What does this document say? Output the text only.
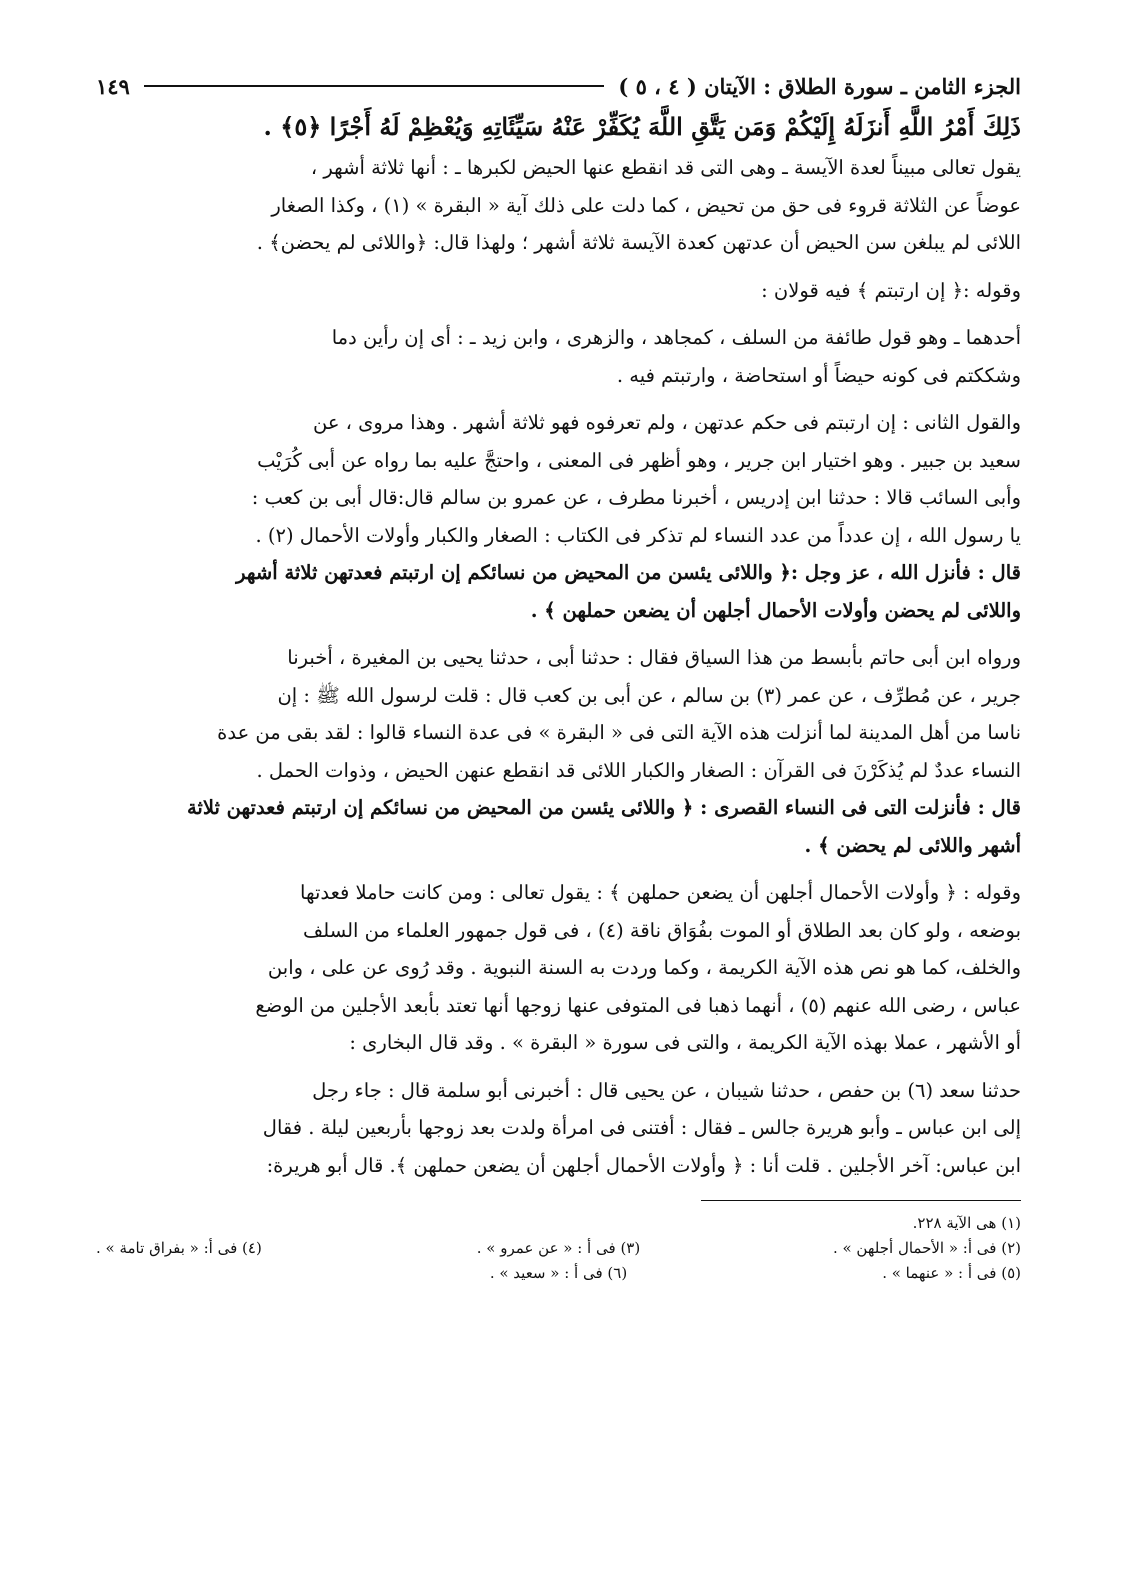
الجزء الثامن ـ سورة الطلاق : الآيتان ( ٤ ، ٥ )
١٤٩
ذَلِكَ أَمْرُ اللَّهِ أَنزَلَهُ إِلَيْكُمْ وَمَن يَتَّقِ اللَّهَ يُكَفِّرْ عَنْهُ سَيِّئَاتِهِ وَيُعْظِمْ لَهُ أَجْرًا ﴿٥﴾ .

يقول تعالى مبيناً لعدة الآيسة ـ وهى التى قد انقطع عنها الحيض لكبرها ـ : أنها ثلاثة أشهر ،

عوضاً عن الثلاثة قروء فى حق من تحيض ، كما دلت على ذلك آية « البقرة » (١) ، وكذا الصغار

اللائى لم يبلغن سن الحيض أن عدتهن كعدة الآيسة ثلاثة أشهر ؛ ولهذا قال: ﴿واللائى لم يحضن﴾ .

وقوله :﴿ إن ارتبتم ﴾ فيه قولان :

أحدهما ـ وهو قول طائفة من السلف ، كمجاهد ، والزهرى ، وابن زيد ـ : أى إن رأين دما

وشككتم فى كونه حيضاً أو استحاضة ، وارتبتم فيه .

والقول الثانى : إن ارتبتم فى حكم عدتهن ، ولم تعرفوه فهو ثلاثة أشهر . وهذا مروى ، عن

سعيد بن جبير . وهو اختيار ابن جرير ، وهو أظهر فى المعنى ، واحتجَّ عليه بما رواه عن أبى كُرَيْب

وأبى السائب قالا : حدثنا ابن إدريس ، أخبرنا مطرف ، عن عمرو بن سالم قال:قال أبى بن كعب :

يا رسول الله ، إن عدداً من عدد النساء لم تذكر فى الكتاب : الصغار والكبار وأولات الأحمال (٢) .

قال : فأنزل الله ، عز وجل :﴿ واللائى يئسن من المحيض من نسائكم إن ارتبتم فعدتهن ثلاثة أشهر

واللائى لم يحضن وأولات الأحمال أجلهن أن يضعن حملهن ﴾ .

ورواه ابن أبى حاتم بأبسط من هذا السياق فقال : حدثنا أبى ، حدثنا يحيى بن المغيرة ، أخبرنا

جرير ، عن مُطرِّف ، عن عمر (٣) بن سالم ، عن أبى بن كعب قال : قلت لرسول الله ﷺ : إن

ناسا من أهل المدينة لما أنزلت هذه الآية التى فى « البقرة » فى عدة النساء قالوا : لقد بقى من عدة

النساء عددٌ لم يُذكَرْنَ فى القرآن : الصغار والكبار اللائى قد انقطع عنهن الحيض ، وذوات الحمل .

قال : فأنزلت التى فى النساء القصرى : ﴿ واللائى يئسن من المحيض من نسائكم إن ارتبتم فعدتهن ثلاثة

أشهر واللائى لم يحضن ﴾ .

وقوله : ﴿ وأولات الأحمال أجلهن أن يضعن حملهن ﴾ : يقول تعالى : ومن كانت حاملا فعدتها

بوضعه ، ولو كان بعد الطلاق أو الموت بفُوَاق ناقة (٤) ، فى قول جمهور العلماء من السلف

والخلف، كما هو نص هذه الآية الكريمة ، وكما وردت به السنة النبوية . وقد رُوى عن على ، وابن

عباس ، رضى الله عنهم (٥) ، أنهما ذهبا فى المتوفى عنها زوجها أنها تعتد بأبعد الأجلين من الوضع

أو الأشهر ، عملا بهذه الآية الكريمة ، والتى فى سورة « البقرة » . وقد قال البخارى :

حدثنا سعد (٦) بن حفص ، حدثنا شيبان ، عن يحيى قال : أخبرنى أبو سلمة قال : جاء رجل

إلى ابن عباس ـ وأبو هريرة جالس ـ فقال : أفتنى فى امرأة ولدت بعد زوجها بأربعين ليلة . فقال

ابن عباس: آخر الأجلين . قلت أنا : ﴿ وأولات الأحمال أجلهن أن يضعن حملهن ﴾. قال أبو هريرة:

(١) هى الآية ٢٢٨.
(٢) فى أ: « الأحمال أجلهن » .
(٣) فى أ : « عن عمرو » .
(٤) فى أ: « بفراق تامة » .
(٥) فى أ : « عنهما » .
(٦) فى أ : « سعيد » .
